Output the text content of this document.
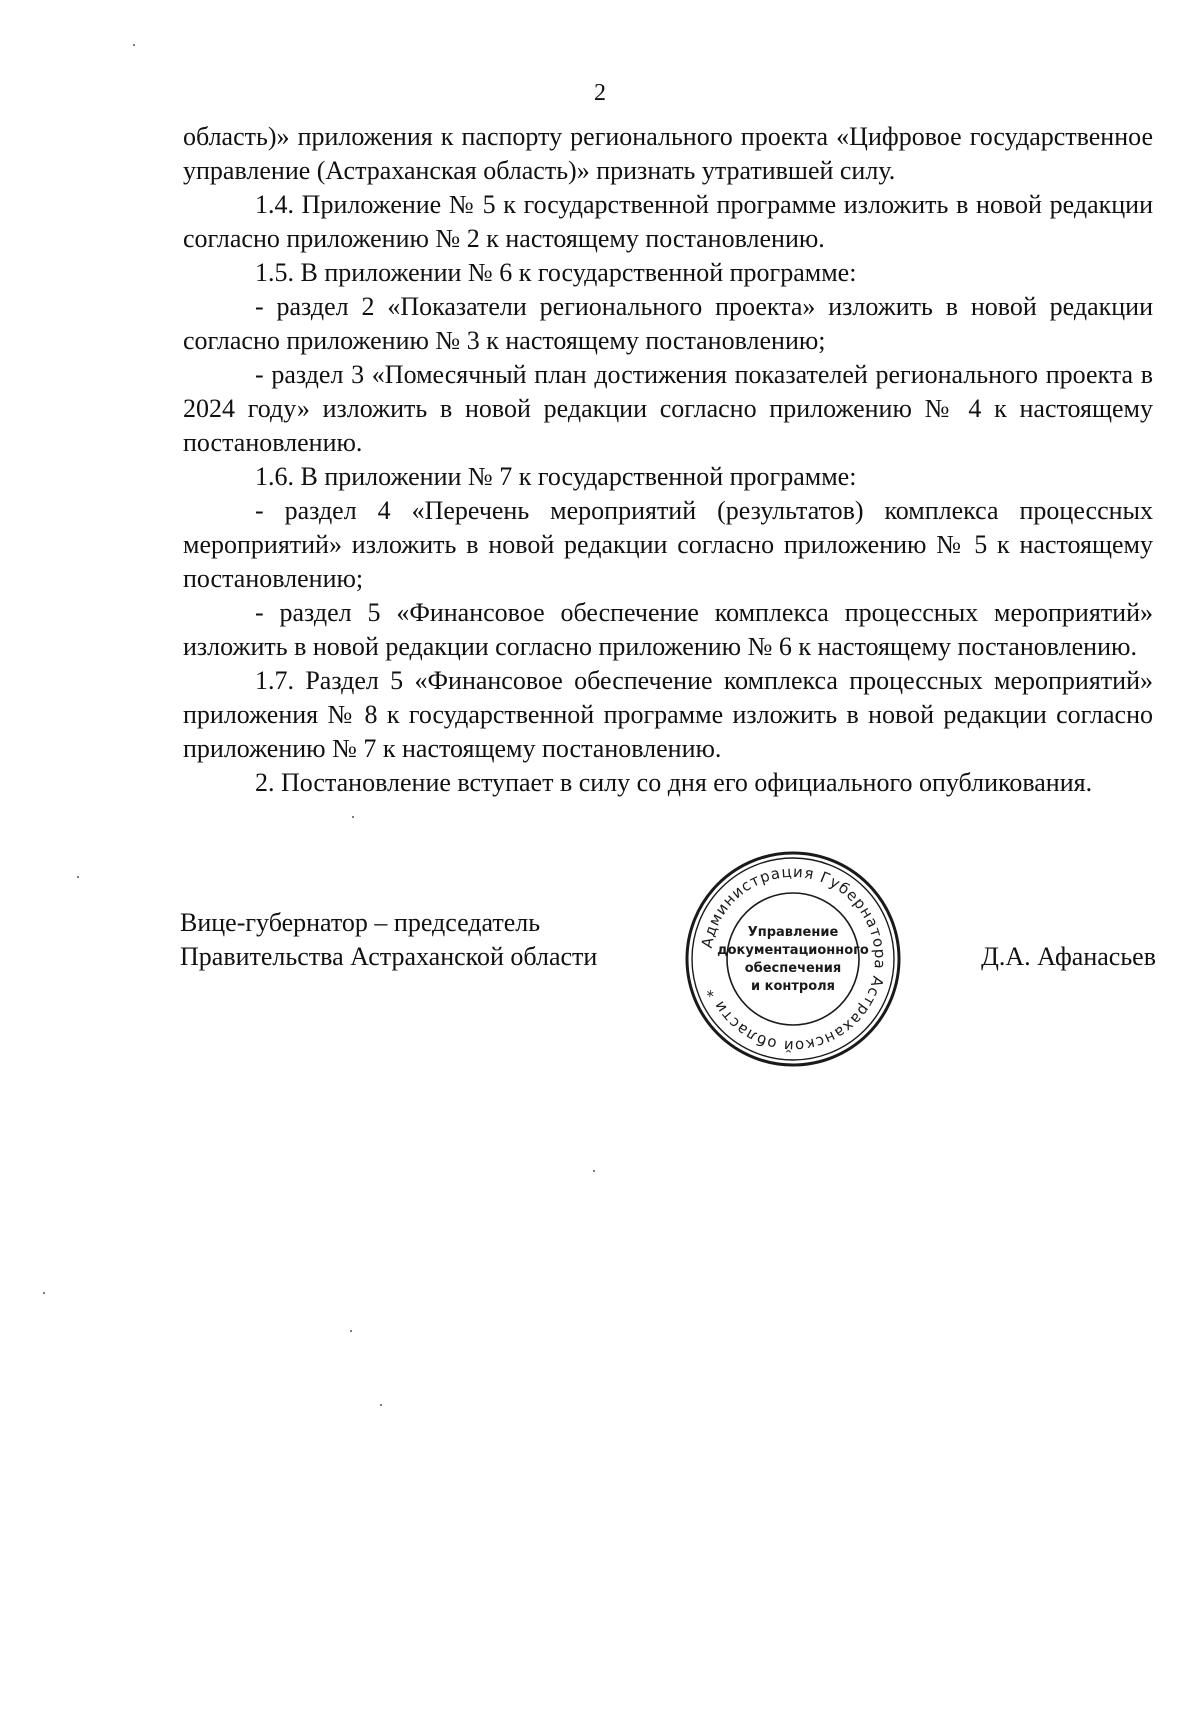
2

область)» приложения к паспорту регионального проекта «Цифровое государственное управление (Астраханская область)» признать утратившей силу.

1.4. Приложение № 5 к государственной программе изложить в новой редакции согласно приложению № 2 к настоящему постановлению.

1.5. В приложении № 6 к государственной программе:

- раздел 2 «Показатели регионального проекта» изложить в новой редакции согласно приложению № 3 к настоящему постановлению;

- раздел 3 «Помесячный план достижения показателей регионального проекта в 2024 году» изложить в новой редакции согласно приложению № 4 к настоящему постановлению.

1.6. В приложении № 7 к государственной программе:

- раздел 4 «Перечень мероприятий (результатов) комплекса процессных мероприятий» изложить в новой редакции согласно приложению № 5 к настоящему постановлению;

- раздел 5 «Финансовое обеспечение комплекса процессных мероприятий» изложить в новой редакции согласно приложению № 6 к настоящему постановлению.

1.7. Раздел 5 «Финансовое обеспечение комплекса процессных мероприятий» приложения № 8 к государственной программе изложить в новой редакции согласно приложению № 7 к настоящему постановлению.

2. Постановление вступает в силу со дня его официального опубликования.

Вице-губернатор – председатель
Правительства Астраханской области	Д.А. Афанасьев
Администрация Губернатора Астраханской области *
Управление
документационного
обеспечения
и контроля
